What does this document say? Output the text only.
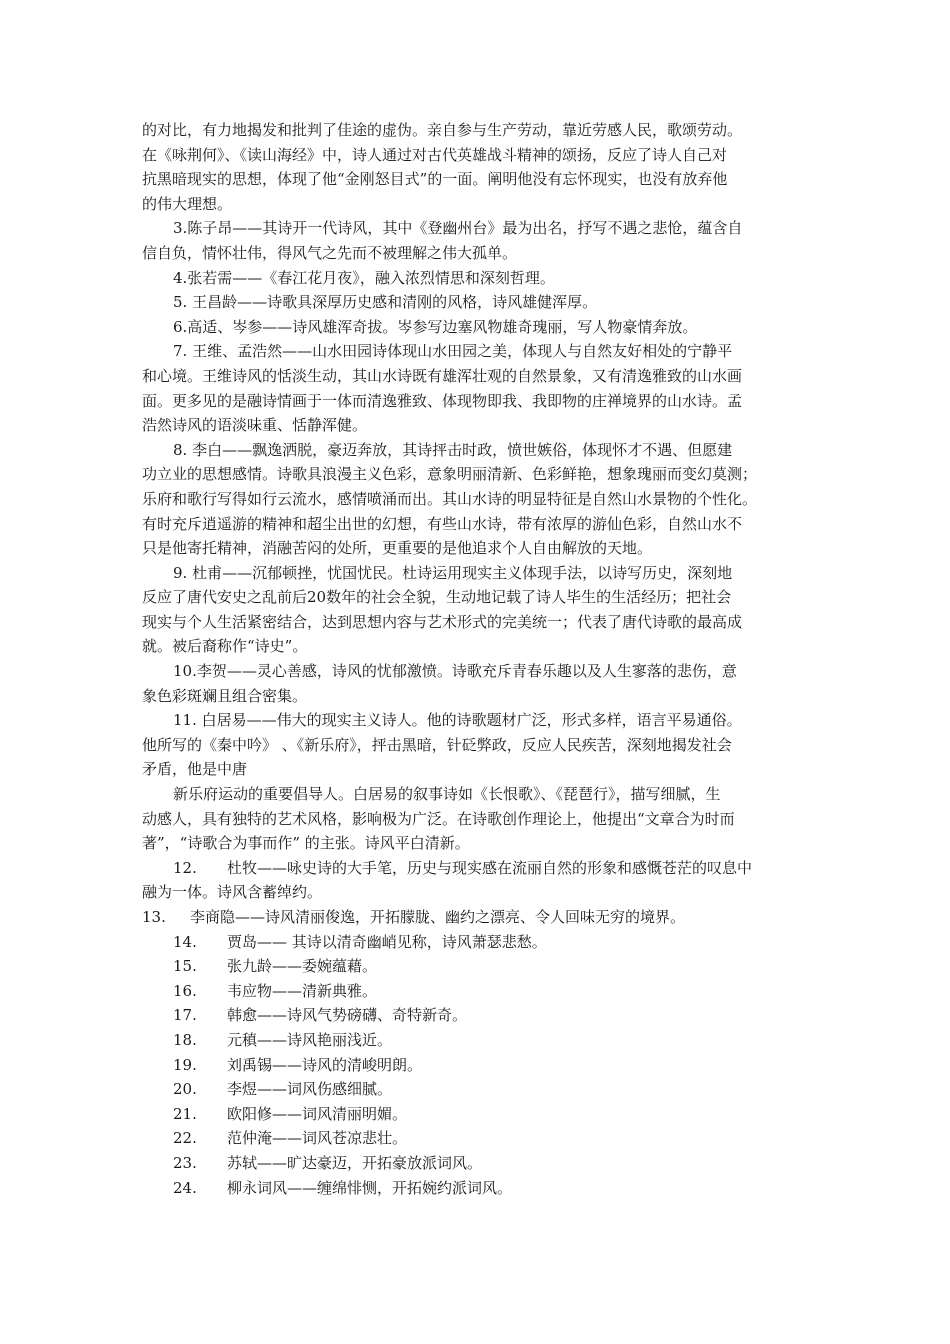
的对比，有力地揭发和批判了佳途的虚伪。亲自参与生产劳动，靠近劳感人民，歌颂劳动。
在《咏荆何》、《读山海经》中，诗人通过对古代英雄战斗精神的颂扬，反应了诗人自己对
抗黑暗现实的思想，体现了他“金刚怒目式”的一面。阐明他没有忘怀现实，也没有放弃他
的伟大理想。
3.陈子昂——其诗开一代诗风，其中《登幽州台》最为出名，抒写不遇之悲怆，蕴含自
信自负，情怀壮伟，得风气之先而不被理解之伟大孤单。
4.张若需——《春江花月夜》，融入浓烈情思和深刻哲理。
5. 王昌龄——诗歌具深厚历史感和清刚的风格，诗风雄健浑厚。
6.高适、岑参——诗风雄浑奇拔。岑参写边塞风物雄奇瑰丽，写人物豪情奔放。
7. 王维、孟浩然——山水田园诗体现山水田园之美，体现人与自然友好相处的宁静平
和心境。王维诗风的恬淡生动，其山水诗既有雄浑壮观的自然景象，又有清逸雅致的山水画
面。更多见的是融诗情画于一体而清逸雅致、体现物即我、我即物的庄禅境界的山水诗。孟
浩然诗风的语淡味重、恬静浑健。
8. 李白——飘逸洒脱，豪迈奔放，其诗抨击时政，愤世嫉俗，体现怀才不遇、但愿建
功立业的思想感情。诗歌具浪漫主义色彩，意象明丽清新、色彩鲜艳，想象瑰丽而变幻莫测；
乐府和歌行写得如行云流水，感情喷涌而出。其山水诗的明显特征是自然山水景物的个性化。
有时充斥逍遥游的精神和超尘出世的幻想，有些山水诗，带有浓厚的游仙色彩，自然山水不
只是他寄托精神，消融苦闷的处所，更重要的是他追求个人自由解放的天地。
9. 杜甫——沉郁顿挫，忧国忧民。杜诗运用现实主义体现手法，以诗写历史，深刻地
反应了唐代安史之乱前后20数年的社会全貌，生动地记载了诗人毕生的生活经历；把社会
现实与个人生活紧密结合，达到思想内容与艺术形式的完美统一；代表了唐代诗歌的最高成
就。被后裔称作“诗史”。
10.李贺——灵心善感，诗风的忧郁激愤。诗歌充斥青春乐趣以及人生寥落的悲伤，意
象色彩斑斓且组合密集。
11. 白居易——伟大的现实主义诗人。他的诗歌题材广泛，形式多样，语言平易通俗。
他所写的《秦中吟》 、《新乐府》，抨击黑暗，针砭弊政，反应人民疾苦，深刻地揭发社会
矛盾，他是中唐
新乐府运动的重要倡导人。白居易的叙事诗如《长恨歌》、《琵琶行》，描写细腻，生
动感人，具有独特的艺术风格，影响极为广泛。在诗歌创作理论上，他提出“文章合为时而
著”，“诗歌合为事而作” 的主张。诗风平白清新。
12.	杜牧——咏史诗的大手笔，历史与现实感在流丽自然的形象和感慨苍茫的叹息中
融为一体。诗风含蓄绰约。
13.	李商隐——诗风清丽俊逸，开拓朦胧、幽约之漂亮、令人回味无穷的境界。
14.	贾岛—— 其诗以清奇幽峭见称，诗风萧瑟悲愁。
15.	张九龄——委婉蕴藉。
16.	韦应物——清新典雅。
17.	韩愈——诗风气势磅礴、奇特新奇。
18.	元稹——诗风艳丽浅近。
19.	刘禹锡——诗风的清峻明朗。
20.	李煜——词风伤感细腻。
21.	欧阳修——词风清丽明媚。
22.	范仲淹——词风苍凉悲壮。
23.	苏轼——旷达豪迈，开拓豪放派词风。
24.	柳永词风——缠绵悱恻，开拓婉约派词风。
